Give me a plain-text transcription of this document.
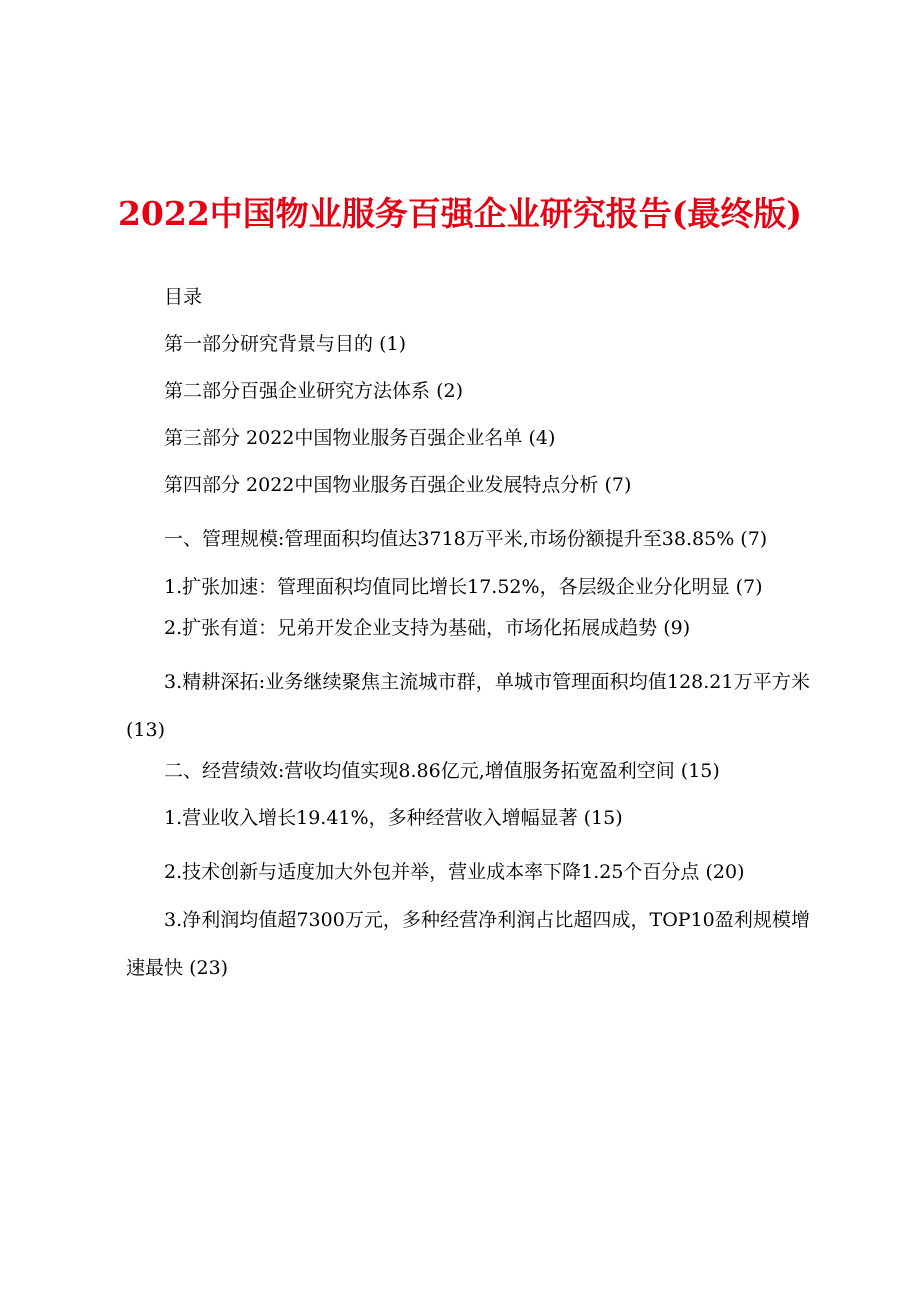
2022中国物业服务百强企业研究报告(最终版)

目录

第一部分研究背景与目的 (1)

第二部分百强企业研究方法体系 (2)

第三部分 2022中国物业服务百强企业名单 (4)

第四部分 2022中国物业服务百强企业发展特点分析 (7)

一、管理规模:管理面积均值达3718万平米,市场份额提升至38.85% (7)

1.扩张加速：管理面积均值同比增长17.52%，各层级企业分化明显 (7)

2.扩张有道：兄弟开发企业支持为基础，市场化拓展成趋势 (9)

3.精耕深拓:业务继续聚焦主流城市群，单城市管理面积均值128.21万平方米 (13)

二、经营绩效:营收均值实现8.86亿元,增值服务拓宽盈利空间 (15)

1.营业收入增长19.41%，多种经营收入增幅显著 (15)

2.技术创新与适度加大外包并举，营业成本率下降1.25个百分点 (20)

3.净利润均值超7300万元，多种经营净利润占比超四成，TOP10盈利规模增速最快 (23)
